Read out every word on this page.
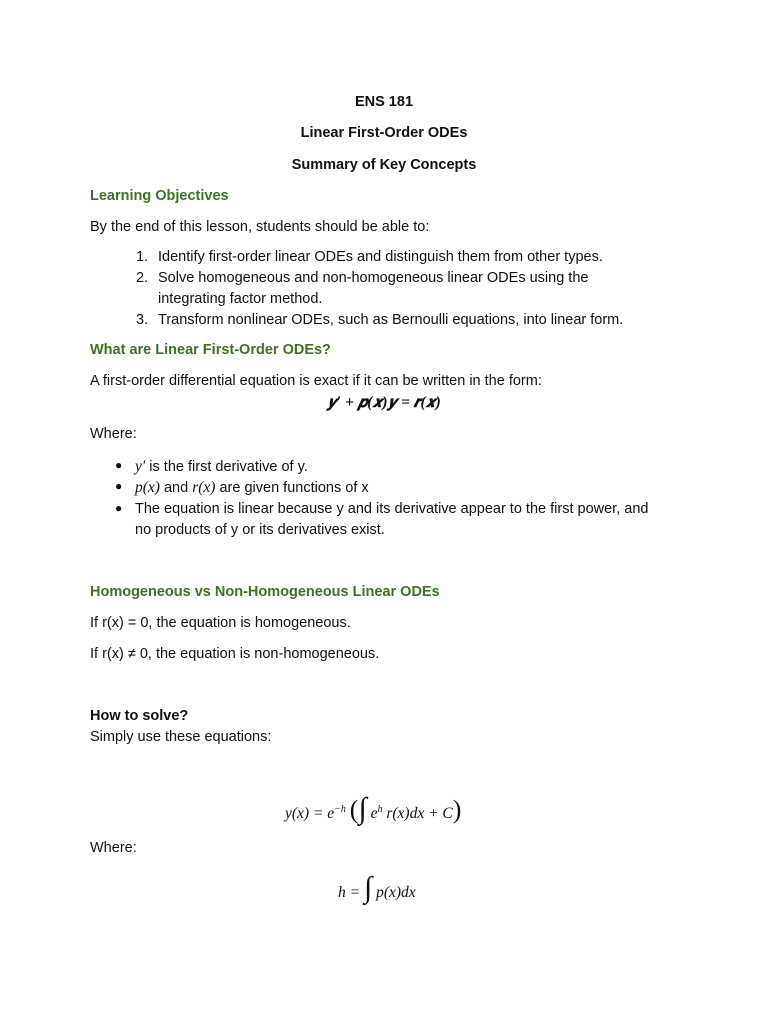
ENS 181
Linear First-Order ODEs
Summary of Key Concepts
Learning Objectives
By the end of this lesson, students should be able to:
1. Identify first-order linear ODEs and distinguish them from other types.
2. Solve homogeneous and non-homogeneous linear ODEs using the
integrating factor method.
3. Transform nonlinear ODEs, such as Bernoulli equations, into linear form.
What are Linear First-Order ODEs?
A first-order differential equation is exact if it can be written in the form:
𝒚′ + 𝒑(𝒙)𝒚 = 𝒓(𝒙)
Where:
● y′ is the first derivative of y.
● p(x) and r(x) are given functions of x
● The equation is linear because y and its derivative appear to the first power, and
no products of y or its derivatives exist.
Homogeneous vs Non-Homogeneous Linear ODEs
If r(x) = 0, the equation is homogeneous.
If r(x) ≠ 0, the equation is non-homogeneous.
How to solve?
Simply use these equations:
$y(x) = e^{-h}$ (∫ $e^h$ r(x)dx + C)
Where:
h = ∫ p(x)dx
